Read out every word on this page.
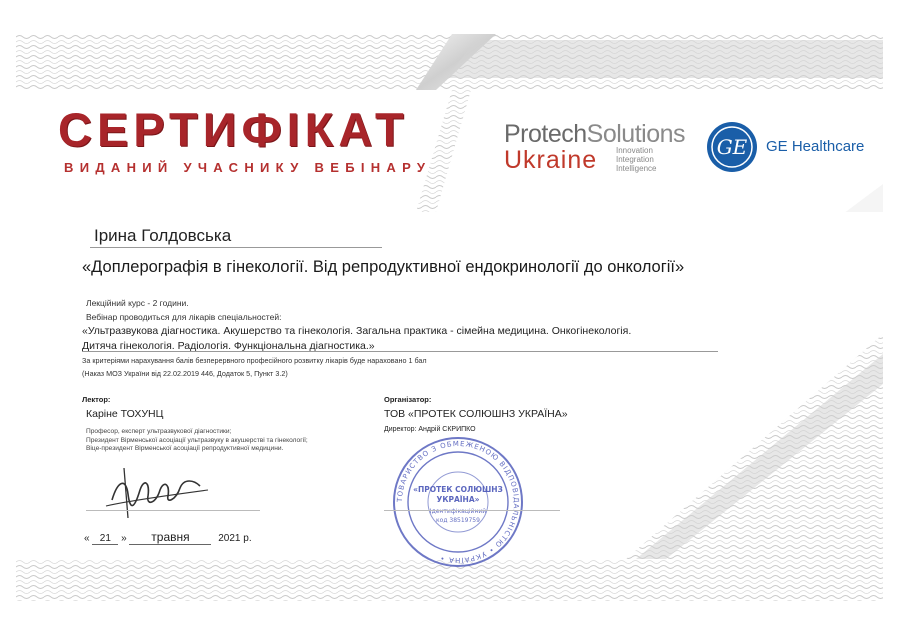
СЕРТИФІКАТ
ВИДАНИЙ УЧАСНИКУ ВЕБІНАРУ
ProtechSolutions
Ukraine Innovation
Integration
Intelligence
GE GE Healthcare
Ірина Голдовська
«Доплерографія в гінекології. Від репродуктивної ендокринології до онкології»
Лекційний курс - 2 години.
Вебінар проводиться для лікарів спеціальностей:
«Ультразвукова діагностика. Акушерство та гінекологія. Загальна практика - сімейна медицина. Онкогінекологія.
Дитяча гінекологія. Радіологія. Функціональна діагностика.»
За критеріями нарахування балів безперервного професійного розвитку лікарів буде нараховано 1 бал
(Наказ МОЗ України від 22.02.2019 446, Додаток 5, Пункт 3.2)
Лектор:
Каріне ТОХУНЦ
Професор, експерт ультразвукової діагностики;
Президент Вірменської асоціації ультразвуку в акушерстві та гінекології;
Віце-президент Вірменської асоціації репродуктивної медицини.
Організатор:
ТОВ «ПРОТЕК СОЛЮШНЗ УКРАЇНА»
Директор: Андрій СКРИПКО
ТОВАРИСТВО З ОБМЕЖЕНОЮ ВІДПОВІДАЛЬНІСТЮ • УКРАЇНА •
«ПРОТЕК СОЛЮШНЗ
УКРАЇНА»
Ідентифікаційний
код 38519759
« 21 » травня	2021 р.
